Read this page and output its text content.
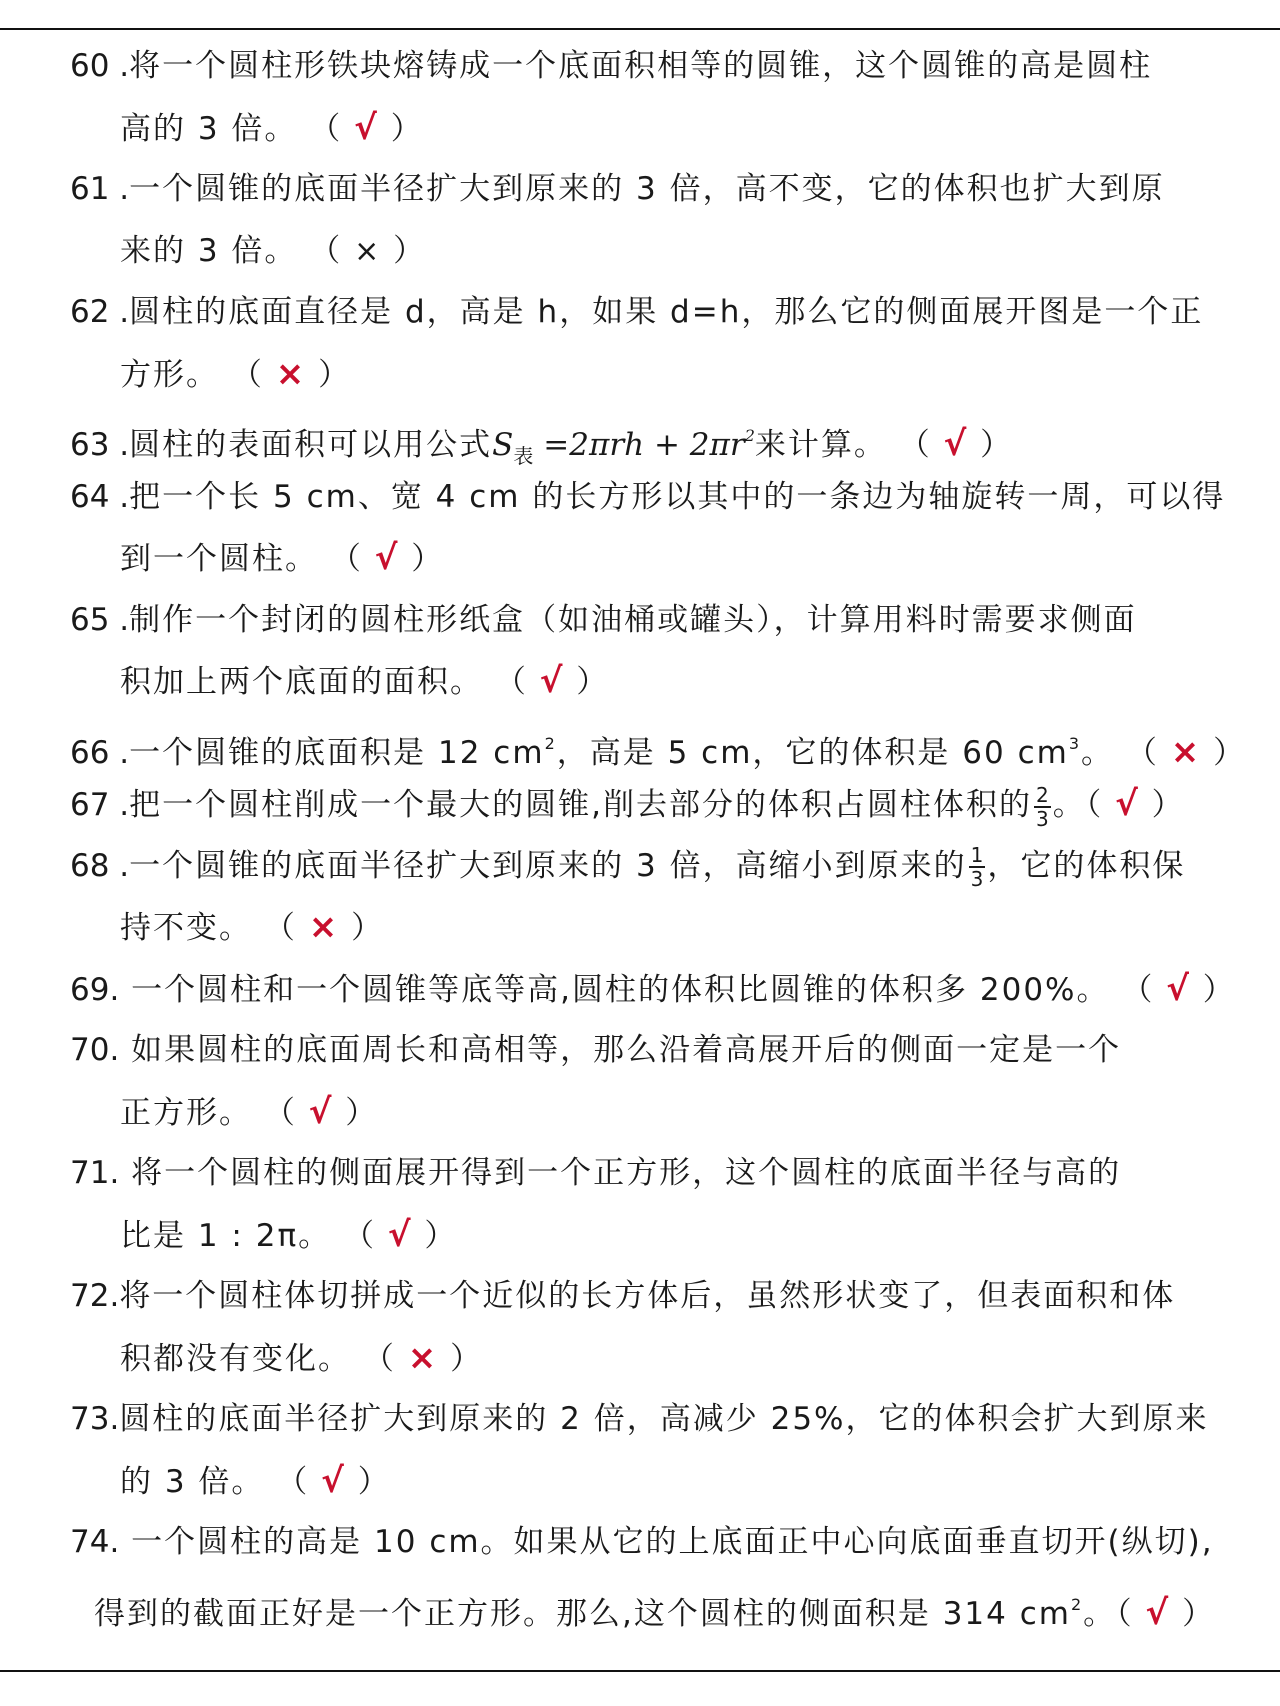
60 .将一个圆柱形铁块熔铸成一个底面积相等的圆锥，这个圆锥的高是圆柱
高的 3 倍。 （ √ ）
61 .一个圆锥的底面半径扩大到原来的 3 倍，高不变，它的体积也扩大到原
来的 3 倍。 （ × ）
62 .圆柱的底面直径是 d，高是 h，如果 d=h，那么它的侧面展开图是一个正
方形。 （ × ）
63 .圆柱的表面积可以用公式$S_表 =2\pi rh + 2\pi r^2$来计算。 （ √ ）
64 .把一个长 5 cm、宽 4 cm 的长方形以其中的一条边为轴旋转一周，可以得
到一个圆柱。 （ √ ）
65 .制作一个封闭的圆柱形纸盒（如油桶或罐头），计算用料时需要求侧面
积加上两个底面的面积。 （ √ ）
66 .一个圆锥的底面积是 12 $cm^2$，高是 5 cm，它的体积是 60 $cm^3$。 （ × ）
67 .把一个圆柱削成一个最大的圆锥,削去部分的体积占圆柱体积的 $\frac{2}{3}$ 。（ √ ）
68 .一个圆锥的底面半径扩大到原来的 3 倍，高缩小到原来的 $\frac{1}{3}$ ，它的体积保
持不变。 （ × ）
69. 一个圆柱和一个圆锥等底等高,圆柱的体积比圆锥的体积多 200%。 （ √ ）
70. 如果圆柱的底面周长和高相等，那么沿着高展开后的侧面一定是一个
正方形。 （ √ ）
71. 将一个圆柱的侧面展开得到一个正方形，这个圆柱的底面半径与高的
比是 1 : 2π。 （ √ ）
72.将一个圆柱体切拼成一个近似的长方体后，虽然形状变了，但表面积和体
积都没有变化。 （ × ）
73.圆柱的底面半径扩大到原来的 2 倍，高减少 25%，它的体积会扩大到原来
的 3 倍。 （ √ ）
74. 一个圆柱的高是 10 cm。如果从它的上底面正中心向底面垂直切开(纵切),
得到的截面正好是一个正方形。那么,这个圆柱的侧面积是 314 $cm^2$。（ √ ）
